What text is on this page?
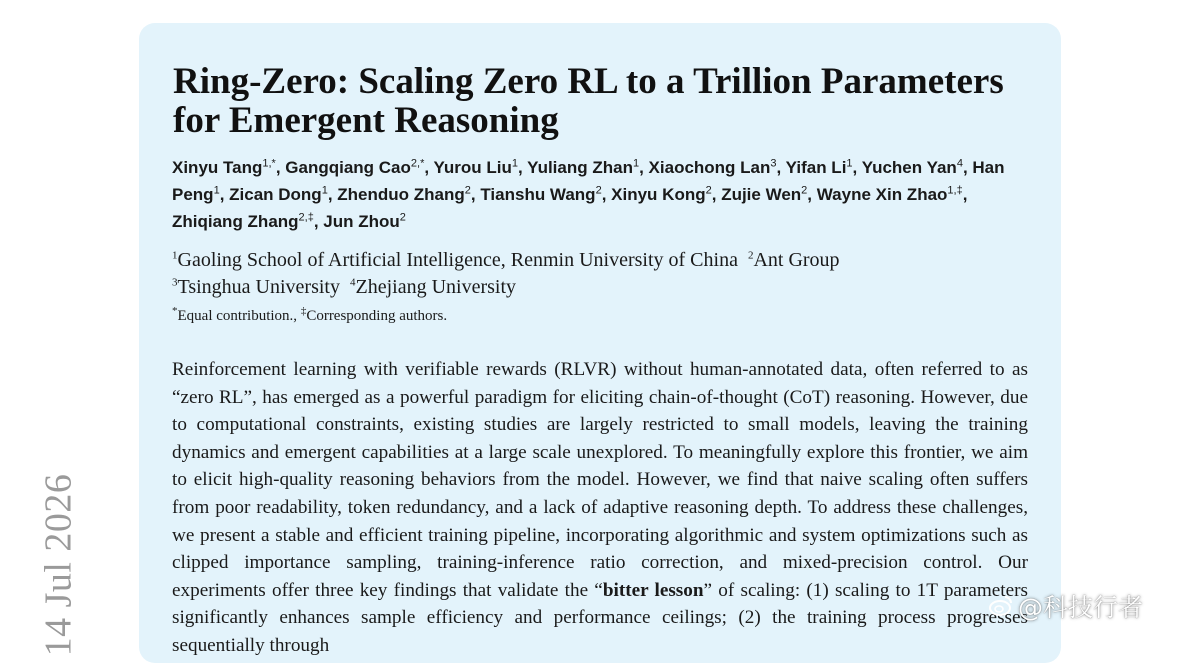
14 Jul 2026
Ring-Zero: Scaling Zero RL to a Trillion Parameters for Emergent Reasoning
Xinyu Tang$^{1,*}$, Gangqiang Cao$^{2,*}$, Yurou Liu$^1$, Yuliang Zhan$^1$, Xiaochong Lan$^3$, Yifan Li$^1$, Yuchen Yan$^4$, Han Peng$^1$, Zican Dong$^1$, Zhenduo Zhang$^2$, Tianshu Wang$^2$, Xinyu Kong$^2$, Zujie Wen$^2$, Wayne Xin Zhao$^{1,\ddagger}$, Zhiqiang Zhang$^{2,\ddagger}$, Jun Zhou$^2$
$^1$Gaoling School of Artificial Intelligence, Renmin University of China $^2$Ant Group
$^3$Tsinghua University $^4$Zhejiang University
*Equal contribution., ‡Corresponding authors.
Reinforcement learning with verifiable rewards (RLVR) without human-annotated data, often referred to as “zero RL”, has emerged as a powerful paradigm for eliciting chain-of-thought (CoT) reasoning. However, due to computational constraints, existing studies are largely restricted to small models, leaving the training dynamics and emergent capabilities at a large scale unexplored. To meaningfully explore this frontier, we aim to elicit high-quality reasoning behaviors from the model. However, we find that naive scaling often suffers from poor readability, token redundancy, and a lack of adaptive reasoning depth. To address these challenges, we present a stable and efficient training pipeline, incorporating algorithmic and system optimizations such as clipped importance sampling, training-inference ratio correction, and mixed-precision control. Our experiments offer three key findings that validate the “bitter lesson” of scaling: (1) scaling to 1T parameters significantly enhances sample efficiency and performance ceilings; (2) the training process progresses sequentially through
@科技行者
